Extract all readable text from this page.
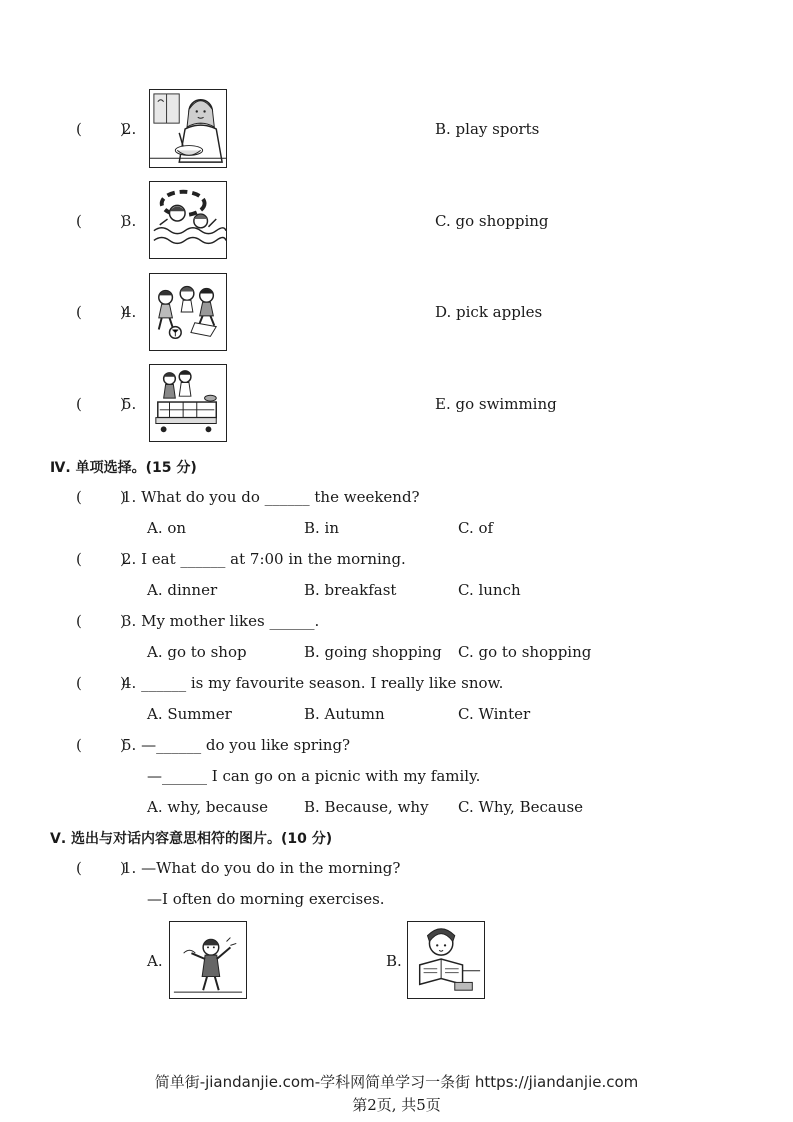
(        )
2.	B. play sports
(        )
3.	C. go shopping
(        )
4.	D. pick apples
(        )
5.	E. go swimming
Ⅳ. 单项选择。(15 分)
(        )
1. What do you do ______ the weekend?
A. on	B. in	C. of
(        )
2. I eat ______ at 7:00 in the morning.
A. dinner	B. breakfast	C. lunch
(        )
3. My mother likes ______.
A. go to shop	B. going shopping C. go to shopping
(        )
4. ______ is my favourite season. I really like snow.
A. Summer	B. Autumn	C. Winter
(        )
5. —______ do you like spring?
—______ I can go on a picnic with my family.
A. why, because B. Because, why C. Why, Because
Ⅴ. 选出与对话内容意思相符的图片。(10 分)
(        )
1. —What do you do in the morning?
—I often do morning exercises.
A.	B.
简单街-jiandanjie.com-学科网简单学习一条街 https://jiandanjie.com
第2页, 共5页
